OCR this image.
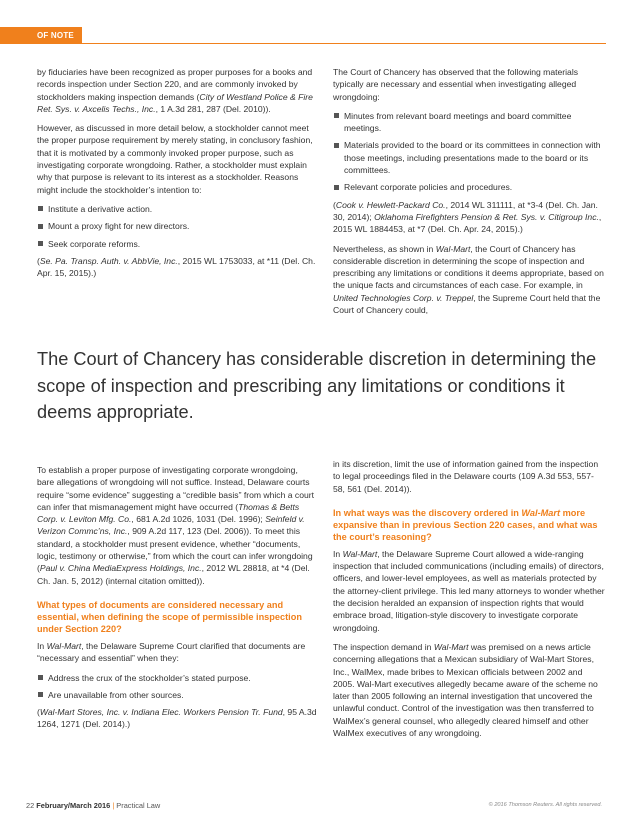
OF NOTE

by fiduciaries have been recognized as proper purposes for a books and records inspection under Section 220, and are commonly invoked by stockholders making inspection demands (City of Westland Police & Fire Ret. Sys. v. Axcelis Techs., Inc., 1 A.3d 281, 287 (Del. 2010)).

However, as discussed in more detail below, a stockholder cannot meet the proper purpose requirement by merely stating, in conclusory fashion, that it is motivated by a commonly invoked proper purpose, such as investigating corporate wrongdoing. Rather, a stockholder must explain why that purpose is relevant to its interest as a stockholder. Reasons might include the stockholder’s intention to:

Institute a derivative action.
Mount a proxy fight for new directors.
Seek corporate reforms.

(Se. Pa. Transp. Auth. v. AbbVie, Inc., 2015 WL 1753033, at *11 (Del. Ch. Apr. 15, 2015).)

The Court of Chancery has observed that the following materials typically are necessary and essential when investigating alleged wrongdoing:

Minutes from relevant board meetings and board committee meetings.
Materials provided to the board or its committees in connection with those meetings, including presentations made to the board or its committees.
Relevant corporate policies and procedures.

(Cook v. Hewlett-Packard Co., 2014 WL 311111, at *3-4 (Del. Ch. Jan. 30, 2014); Oklahoma Firefighters Pension & Ret. Sys. v. Citigroup Inc., 2015 WL 1884453, at *7 (Del. Ch. Apr. 24, 2015).)

Nevertheless, as shown in Wal-Mart, the Court of Chancery has considerable discretion in determining the scope of inspection and prescribing any limitations or conditions it deems appropriate, based on the unique facts and circumstances of each case. For example, in United Technologies Corp. v. Treppel, the Supreme Court held that the Court of Chancery could,

The Court of Chancery has considerable discretion in determining the scope of inspection and prescribing any limitations or conditions it deems appropriate.

To establish a proper purpose of investigating corporate wrongdoing, bare allegations of wrongdoing will not suffice. Instead, Delaware courts require “some evidence” suggesting a “credible basis” from which a court can infer that mismanagement might have occurred (Thomas & Betts Corp. v. Leviton Mfg. Co., 681 A.2d 1026, 1031 (Del. 1996); Seinfeld v. Verizon Commc’ns, Inc., 909 A.2d 117, 123 (Del. 2006)). To meet this standard, a stockholder must present evidence, whether “documents, logic, testimony or otherwise,” from which the court can infer wrongdoing (Paul v. China MediaExpress Holdings, Inc., 2012 WL 28818, at *4 (Del. Ch. Jan. 5, 2012) (internal citation omitted)).

What types of documents are considered necessary and essential, when defining the scope of permissible inspection under Section 220?

In Wal-Mart, the Delaware Supreme Court clarified that documents are “necessary and essential” when they:

Address the crux of the stockholder’s stated purpose.
Are unavailable from other sources.

(Wal-Mart Stores, Inc. v. Indiana Elec. Workers Pension Tr. Fund, 95 A.3d 1264, 1271 (Del. 2014).)

in its discretion, limit the use of information gained from the inspection to legal proceedings filed in the Delaware courts (109 A.3d 553, 557-58, 561 (Del. 2014)).

In what ways was the discovery ordered in Wal-Mart more expansive than in previous Section 220 cases, and what was the court’s reasoning?

In Wal-Mart, the Delaware Supreme Court allowed a wide-ranging inspection that included communications (including emails) of directors, officers, and lower-level employees, as well as materials protected by the attorney-client privilege. This led many attorneys to wonder whether the decision heralded an expansion of inspection rights that would embrace broad, litigation-style discovery to investigate corporate wrongdoing.

The inspection demand in Wal-Mart was premised on a news article concerning allegations that a Mexican subsidiary of Wal-Mart Stores, Inc., WalMex, made bribes to Mexican officials between 2002 and 2005. Wal-Mart executives allegedly became aware of the scheme no later than 2005 following an internal investigation that uncovered the unlawful conduct. Control of the investigation was then transferred to WalMex’s general counsel, who allegedly cleared himself and other WalMex executives of any wrongdoing.

22 February/March 2016 | Practical Law	© 2016 Thomson Reuters. All rights reserved.
